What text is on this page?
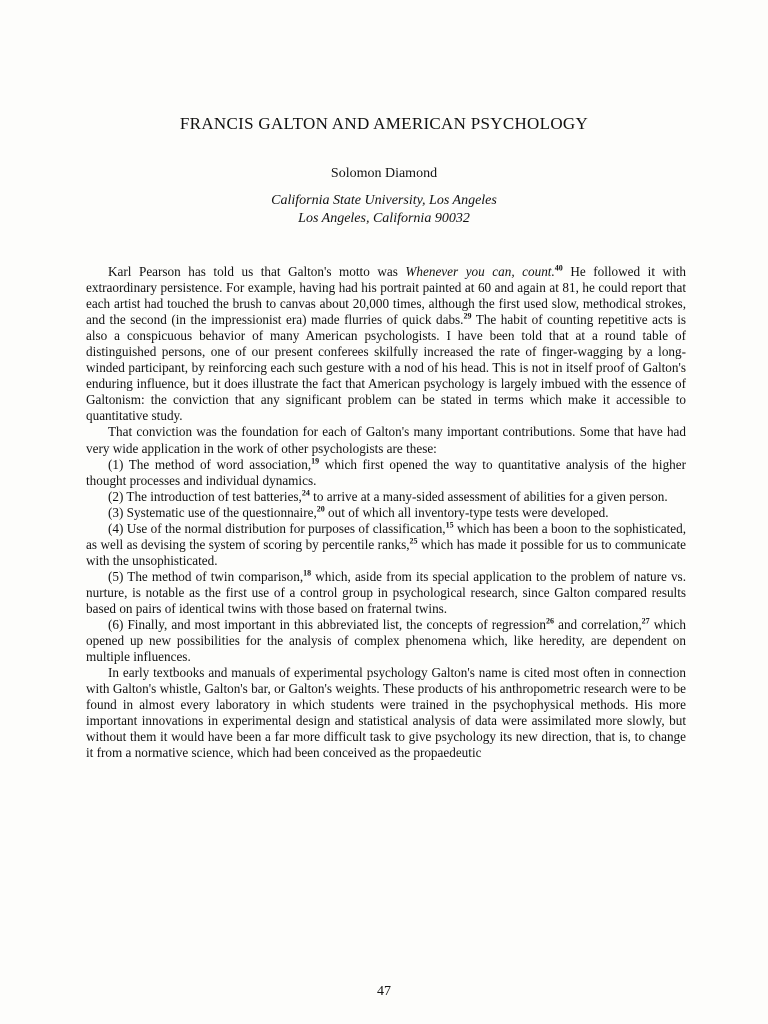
FRANCIS GALTON AND AMERICAN PSYCHOLOGY
Solomon Diamond
California State University, Los Angeles
Los Angeles, California 90032

Karl Pearson has told us that Galton's motto was Whenever you can, count.$^{40}$ He followed it with extraordinary persistence. For example, having had his portrait painted at 60 and again at 81, he could report that each artist had touched the brush to canvas about 20,000 times, although the first used slow, methodical strokes, and the second (in the impressionist era) made flurries of quick dabs.$^{29}$ The habit of counting repetitive acts is also a conspicuous behavior of many American psychologists. I have been told that at a round table of distinguished persons, one of our present conferees skilfully increased the rate of finger-wagging by a long-winded participant, by reinforcing each such gesture with a nod of his head. This is not in itself proof of Galton's enduring influence, but it does illustrate the fact that American psychology is largely imbued with the essence of Galtonism: the conviction that any significant problem can be stated in terms which make it accessible to quantitative study.

That conviction was the foundation for each of Galton's many important contributions. Some that have had very wide application in the work of other psychologists are these:

(1) The method of word association,$^{19}$ which first opened the way to quantitative analysis of the higher thought processes and individual dynamics.

(2) The introduction of test batteries,$^{24}$ to arrive at a many-sided assessment of abilities for a given person.

(3) Systematic use of the questionnaire,$^{20}$ out of which all inventory-type tests were developed.

(4) Use of the normal distribution for purposes of classification,$^{15}$ which has been a boon to the sophisticated, as well as devising the system of scoring by percentile ranks,$^{25}$ which has made it possible for us to communicate with the unsophisticated.

(5) The method of twin comparison,$^{18}$ which, aside from its special application to the problem of nature vs. nurture, is notable as the first use of a control group in psychological research, since Galton compared results based on pairs of identical twins with those based on fraternal twins.

(6) Finally, and most important in this abbreviated list, the concepts of regression$^{26}$ and correlation,$^{27}$ which opened up new possibilities for the analysis of complex phenomena which, like heredity, are dependent on multiple influences.

In early textbooks and manuals of experimental psychology Galton's name is cited most often in connection with Galton's whistle, Galton's bar, or Galton's weights. These products of his anthropometric research were to be found in almost every laboratory in which students were trained in the psychophysical methods. His more important innovations in experimental design and statistical analysis of data were assimilated more slowly, but without them it would have been a far more difficult task to give psychology its new direction, that is, to change it from a normative science, which had been conceived as the propaedeutic

47
